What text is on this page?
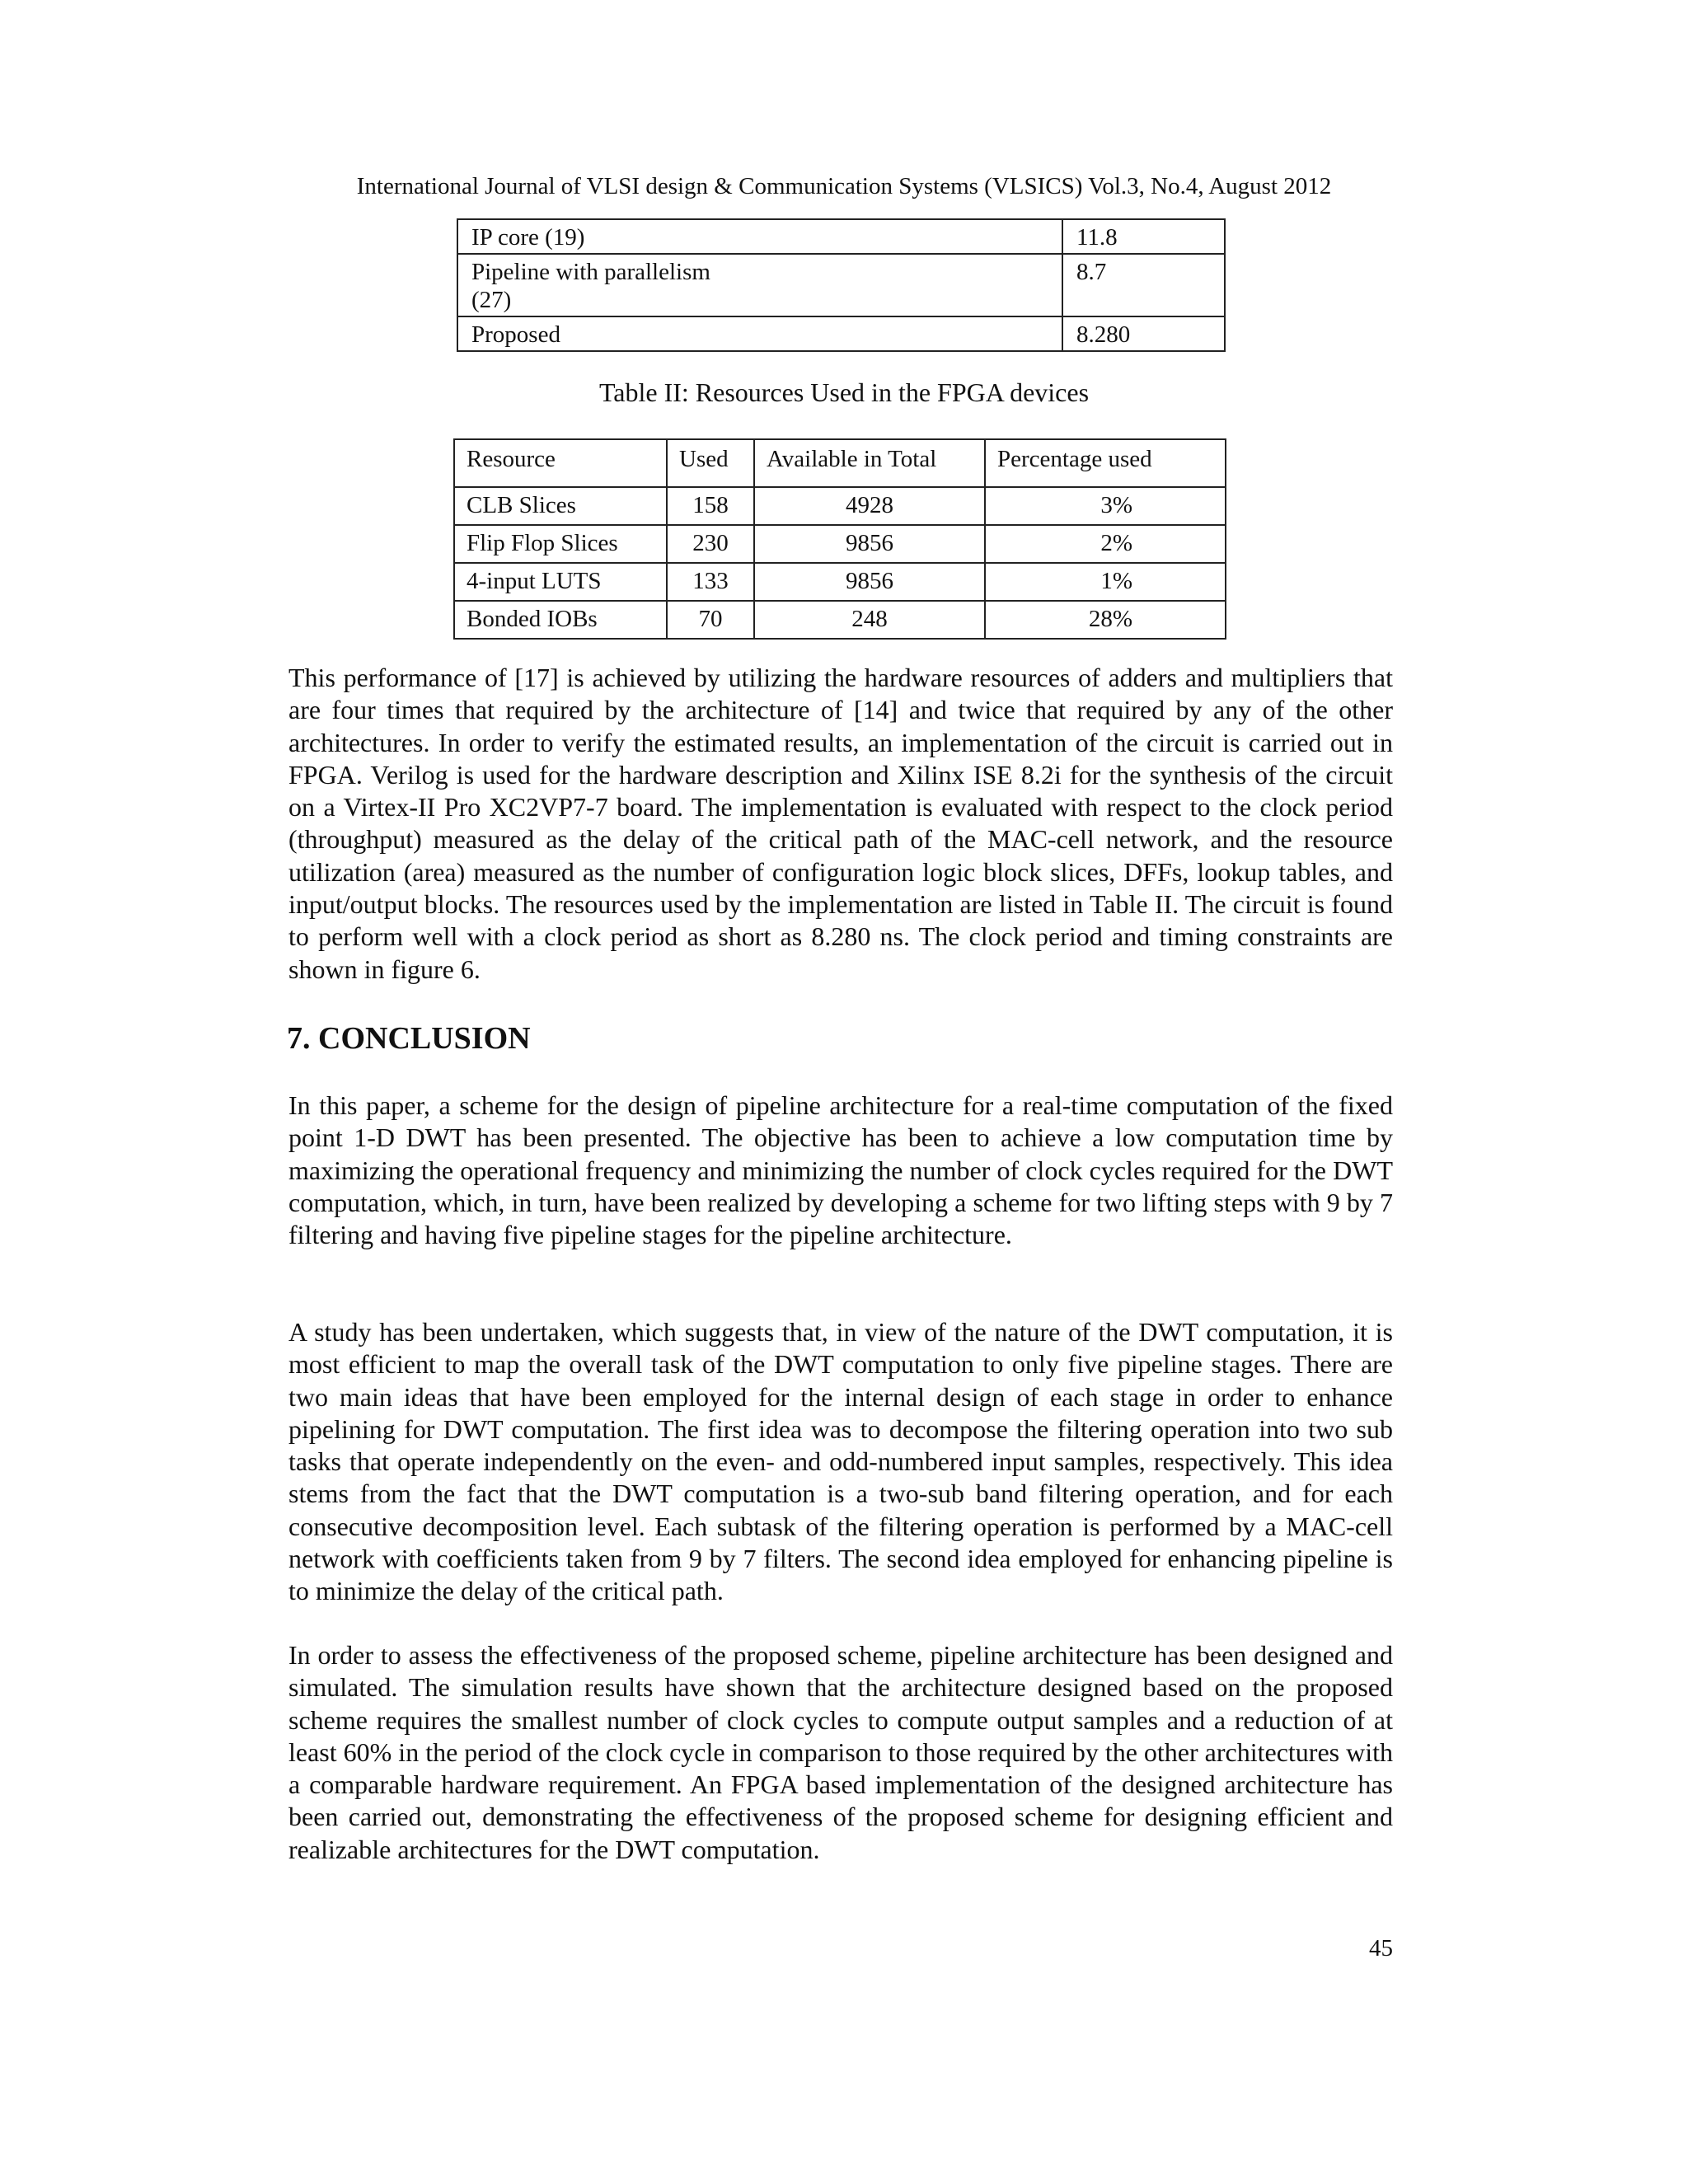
International Journal of VLSI design & Communication Systems (VLSICS) Vol.3, No.4, August 2012
IP core (19)	11.8

Pipeline with parallelism (27)	8.7
Proposed	8.280
Table II: Resources Used in the FPGA devices
Resource	Used	Available in Total	Percentage used
CLB Slices	158	4928	3%
Flip Flop Slices	230	9856	2%
4-input LUTS	133	9856	1%
Bonded IOBs	70	248	28%

This performance of [17] is achieved by utilizing the hardware resources of adders and multipliers that are four times that required by the architecture of [14] and twice that required by any of the other architectures. In order to verify the estimated results, an implementation of the circuit is carried out in FPGA. Verilog is used for the hardware description and Xilinx ISE 8.2i for the synthesis of the circuit on a Virtex-II Pro XC2VP7-7 board. The implementation is evaluated with respect to the clock period (throughput) measured as the delay of the critical path of the MAC-cell network, and the resource utilization (area) measured as the number of configuration logic block slices, DFFs, lookup tables, and input/output blocks. The resources used by the implementation are listed in Table II. The circuit is found to perform well with a clock period as short as 8.280 ns. The clock period and timing constraints are shown in figure 6.

7. CONCLUSION

In this paper, a scheme for the design of pipeline architecture for a real-time computation of the fixed point 1-D DWT has been presented. The objective has been to achieve a low computation time by maximizing the operational frequency and minimizing the number of clock cycles required for the DWT computation, which, in turn, have been realized by developing a scheme for two lifting steps with 9 by 7 filtering and having five pipeline stages for the pipeline architecture.

A study has been undertaken, which suggests that, in view of the nature of the DWT computation, it is most efficient to map the overall task of the DWT computation to only five pipeline stages. There are two main ideas that have been employed for the internal design of each stage in order to enhance pipelining for DWT computation. The first idea was to decompose the filtering operation into two sub tasks that operate independently on the even- and odd-numbered input samples, respectively. This idea stems from the fact that the DWT computation is a two-sub band filtering operation, and for each consecutive decomposition level. Each subtask of the filtering operation is performed by a MAC-cell network with coefficients taken from 9 by 7 filters. The second idea employed for enhancing pipeline is to minimize the delay of the critical path.

In order to assess the effectiveness of the proposed scheme, pipeline architecture has been designed and simulated. The simulation results have shown that the architecture designed based on the proposed scheme requires the smallest number of clock cycles to compute output samples and a reduction of at least 60% in the period of the clock cycle in comparison to those required by the other architectures with a comparable hardware requirement. An FPGA based implementation of the designed architecture has been carried out, demonstrating the effectiveness of the proposed scheme for designing efficient and realizable architectures for the DWT computation.

45
